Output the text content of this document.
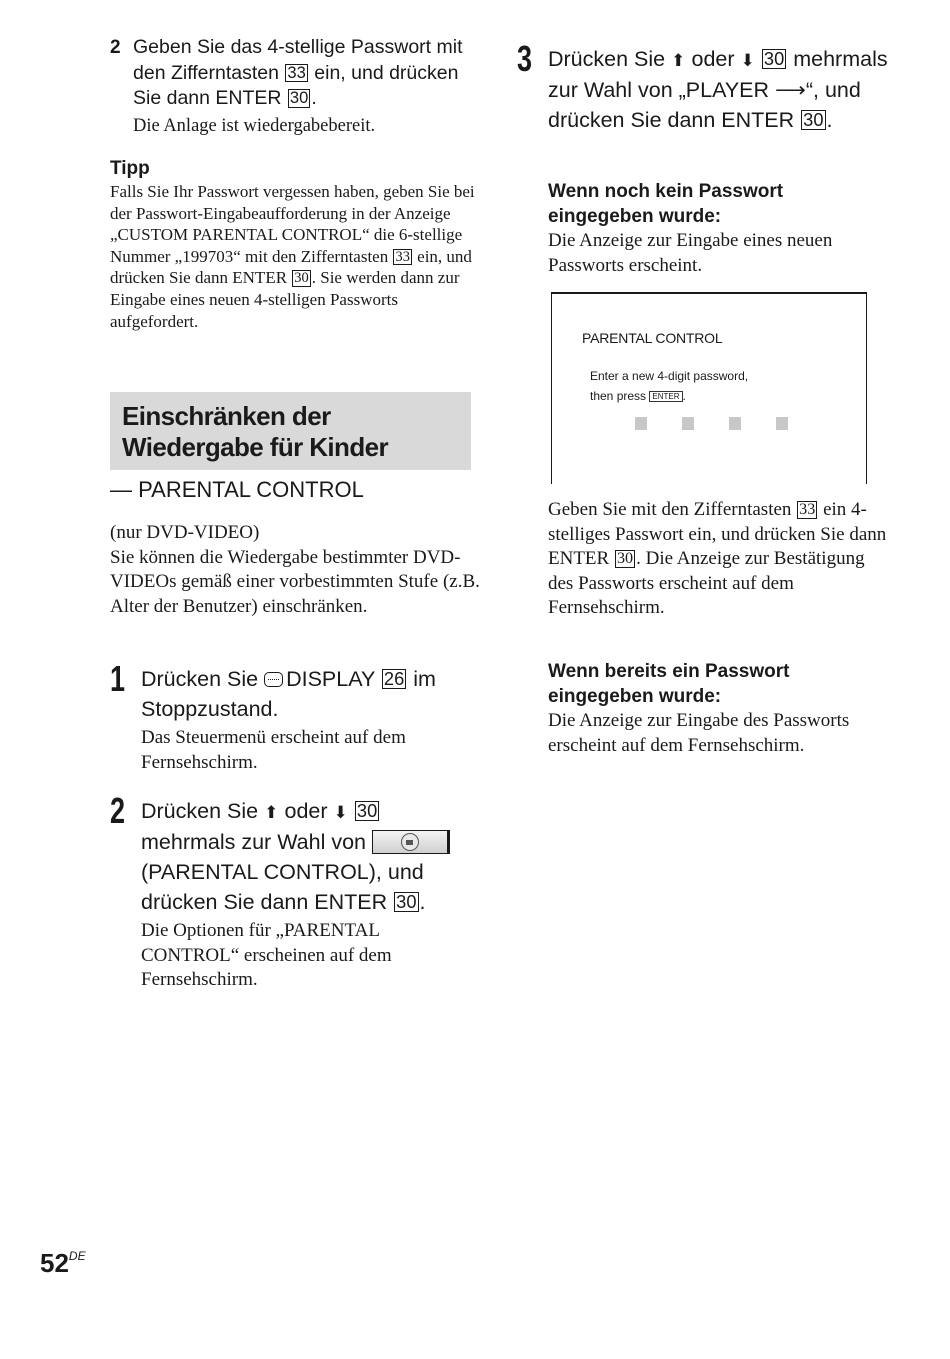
2 Geben Sie das 4-stellige Passwort mit den Zifferntasten 33 ein, und drücken Sie dann ENTER 30 .
Die Anlage ist wiedergabebereit.
Tipp
Falls Sie Ihr Passwort vergessen haben, geben Sie bei der Passwort-Eingabeaufforderung in der Anzeige „CUSTOM PARENTAL CONTROL“ die 6-stellige Nummer „199703“ mit den Zifferntasten 33 ein, und drücken Sie dann ENTER 30 . Sie werden dann zur Eingabe eines neuen 4-stelligen Passworts aufgefordert.
Einschränken der Wiedergabe für Kinder
— PARENTAL CONTROL
(nur DVD-VIDEO)
Sie können die Wiedergabe bestimmter DVD-VIDEOs gemäß einer vorbestimmten Stufe (z.B. Alter der Benutzer) einschränken.
1 Drücken Sie DISPLAY 26 im Stoppzustand.
Das Steuermenü erscheint auf dem Fernsehschirm.
2 Drücken Sie ⬆ oder ⬇ 30 mehrmals zur Wahl von
(PARENTAL CONTROL), und drücken Sie dann ENTER 30 .
Die Optionen für „PARENTAL CONTROL“ erscheinen auf dem Fernsehschirm.
3 Drücken Sie ⬆ oder ⬇ 30 mehrmals zur Wahl von „PLAYER ⟶“, und drücken Sie dann ENTER 30 .
Wenn noch kein Passwort eingegeben wurde:
Die Anzeige zur Eingabe eines neuen Passworts erscheint.
PARENTAL CONTROL
Enter a new 4-digit password,
then press ENTER .
Geben Sie mit den Zifferntasten 33 ein 4-stelliges Passwort ein, und drücken Sie dann ENTER 30 . Die Anzeige zur Bestätigung des Passworts erscheint auf dem Fernsehschirm.
Wenn bereits ein Passwort eingegeben wurde:
Die Anzeige zur Eingabe des Passworts erscheint auf dem Fernsehschirm.
52DE
